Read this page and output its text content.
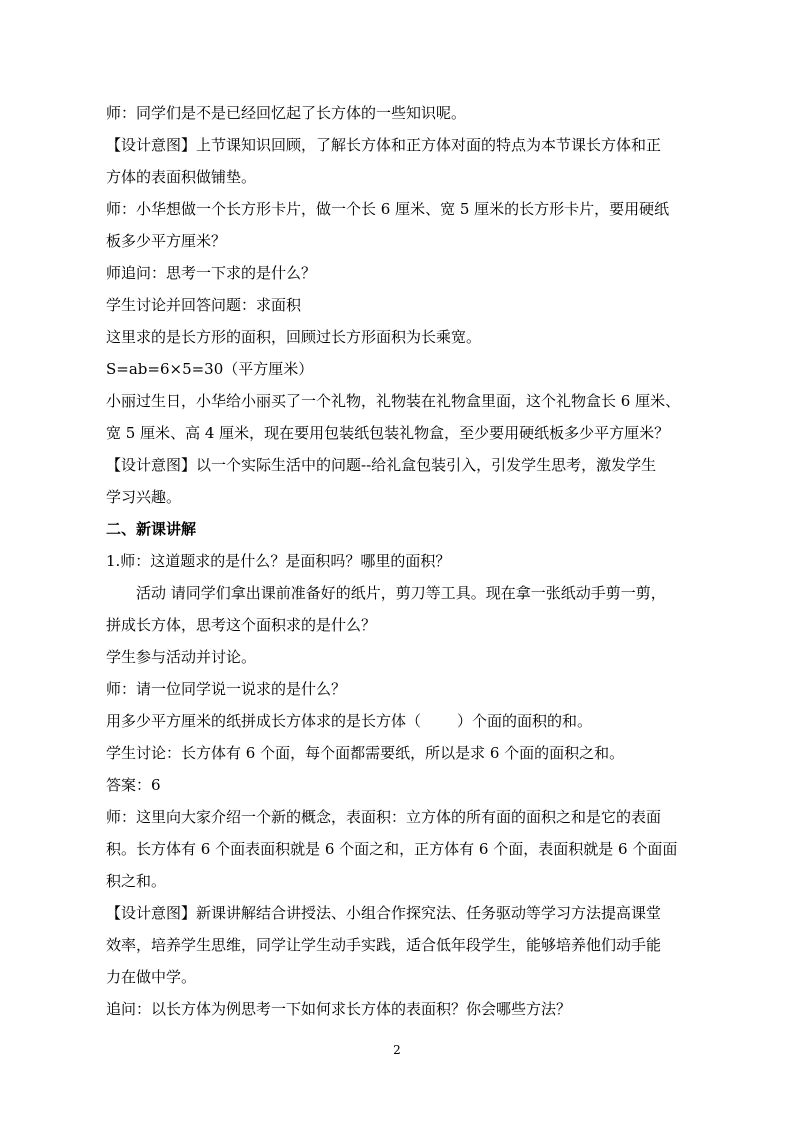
师：同学们是不是已经回忆起了长方体的一些知识呢。
【设计意图】上节课知识回顾，了解长方体和正方体对面的特点为本节课长方体和正
方体的表面积做铺垫。
师：小华想做一个长方形卡片，做一个长 6 厘米、宽 5 厘米的长方形卡片，要用硬纸
板多少平方厘米？
师追问：思考一下求的是什么？
学生讨论并回答问题：求面积
这里求的是长方形的面积，回顾过长方形面积为长乘宽。
S=ab=6×5=30（平方厘米）
小丽过生日，小华给小丽买了一个礼物，礼物装在礼物盒里面，这个礼物盒长 6 厘米、
宽 5 厘米、高 4 厘米，现在要用包装纸包装礼物盒，至少要用硬纸板多少平方厘米？
【设计意图】以一个实际生活中的问题--给礼盒包装引入，引发学生思考，激发学生
学习兴趣。
二、新课讲解
1.师：这道题求的是什么？是面积吗？哪里的面积？
活动 请同学们拿出课前准备好的纸片，剪刀等工具。现在拿一张纸动手剪一剪，
拼成长方体，思考这个面积求的是什么？
学生参与活动并讨论。
师：请一位同学说一说求的是什么？
用多少平方厘米的纸拼成长方体求的是长方体（ ）个面的面积的和。
学生讨论：长方体有 6 个面，每个面都需要纸，所以是求 6 个面的面积之和。
答案：6
师：这里向大家介绍一个新的概念，表面积：立方体的所有面的面积之和是它的表面
积。长方体有 6 个面表面积就是 6 个面之和，正方体有 6 个面，表面积就是 6 个面面
积之和。
【设计意图】新课讲解结合讲授法、小组合作探究法、任务驱动等学习方法提高课堂
效率，培养学生思维，同学让学生动手实践，适合低年段学生，能够培养他们动手能
力在做中学。
追问：以长方体为例思考一下如何求长方体的表面积？你会哪些方法？
2
